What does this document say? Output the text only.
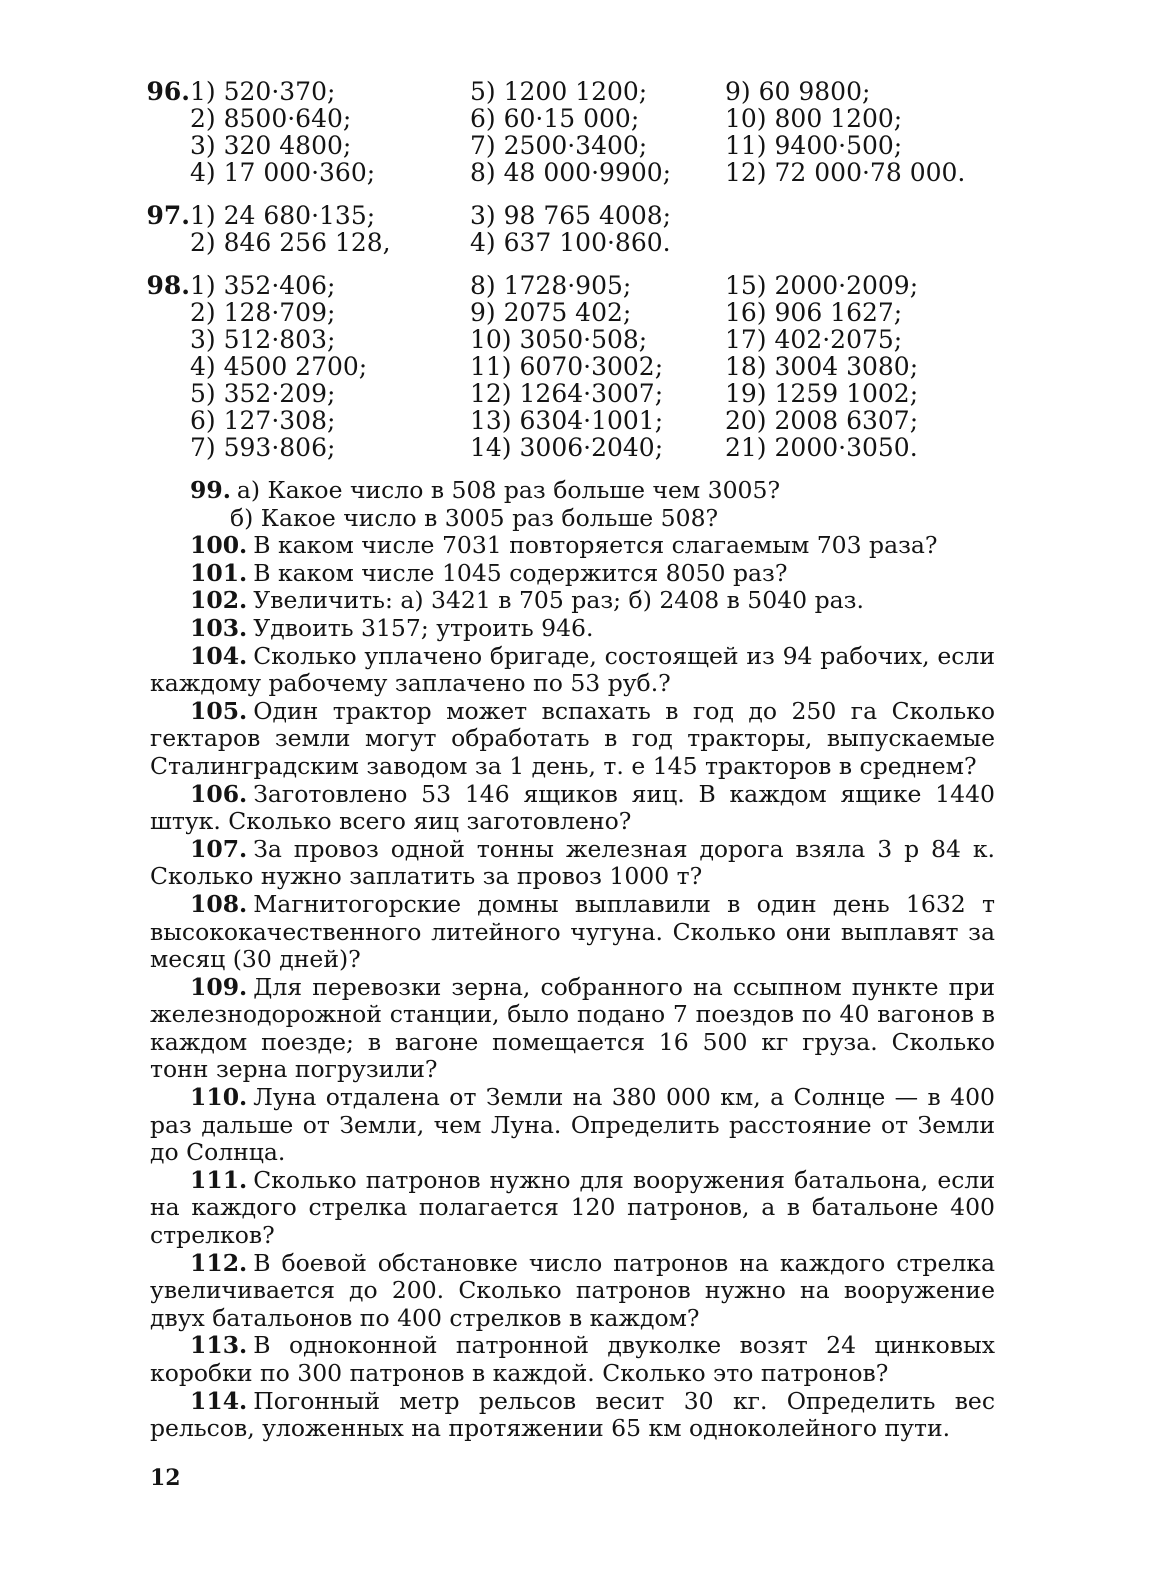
96. 1) 520·370;
2) 8500·640;
3) 320 4800;
4) 17 000·360;
5) 1200 1200;
6) 60·15 000;
7) 2500·3400;
8) 48 000·9900;
9) 60 9800;
10) 800 1200;
11) 9400·500;
12) 72 000·78 000.
97. 1) 24 680·135;
2) 846 256 128,
3) 98 765 4008;
4) 637 100·860.
98. 1) 352·406;
2) 128·709;
3) 512·803;
4) 4500 2700;
5) 352·209;
6) 127·308;
7) 593·806;
8) 1728·905;
9) 2075 402;
10) 3050·508;
11) 6070·3002;
12) 1264·3007;
13) 6304·1001;
14) 3006·2040;
15) 2000·2009;
16) 906 1627;
17) 402·2075;
18) 3004 3080;
19) 1259 1002;
20) 2008 6307;
21) 2000·3050.

99. а) Какое число в 508 раз больше чем 3005?

б) Какое число в 3005 раз больше 508?

100. В каком числе 7031 повторяется слагаемым 703 раза?

101. В каком числе 1045 содержится 8050 раз?

102. Увеличить: а) 3421 в 705 раз; б) 2408 в 5040 раз.

103. Удвоить 3157; утроить 946.

104. Сколько уплачено бригаде, состоящей из 94 рабочих, если каждому рабочему заплачено по 53 руб.?

105. Один трактор может вспахать в год до 250 га Сколько гектаров земли могут обработать в год тракторы, выпускаемые Сталинградским заводом за 1 день, т. е 145 тракторов в среднем?

106. Заготовлено 53 146 ящиков яиц. В каждом ящике 1440 штук. Сколько всего яиц заготовлено?

107. За провоз одной тонны железная дорога взяла 3 р 84 к. Сколько нужно заплатить за провоз 1000 т?

108. Магнитогорские домны выплавили в один день 1632 т высококачественного литейного чугуна. Сколько они выплавят за месяц (30 дней)?

109. Для перевозки зерна, собранного на ссыпном пункте при железнодорожной станции, было подано 7 поездов по 40 вагонов в каждом поезде; в вагоне помещается 16 500 кг груза. Сколько тонн зерна погрузили?

110. Луна отдалена от Земли на 380 000 км, а Солнце — в 400 раз дальше от Земли, чем Луна. Определить расстояние от Земли до Солнца.

111. Сколько патронов нужно для вооружения батальона, если на каждого стрелка полагается 120 патронов, а в батальоне 400 стрелков?

112. В боевой обстановке число патронов на каждого стрелка увеличивается до 200. Сколько патронов нужно на вооружение двух батальонов по 400 стрелков в каждом?

113. В одноконной патронной двуколке возят 24 цинковых коробки по 300 патронов в каждой. Сколько это патронов?

114. Погонный метр рельсов весит 30 кг. Определить вес рельсов, уложенных на протяжении 65 км одноколейного пути.

12
